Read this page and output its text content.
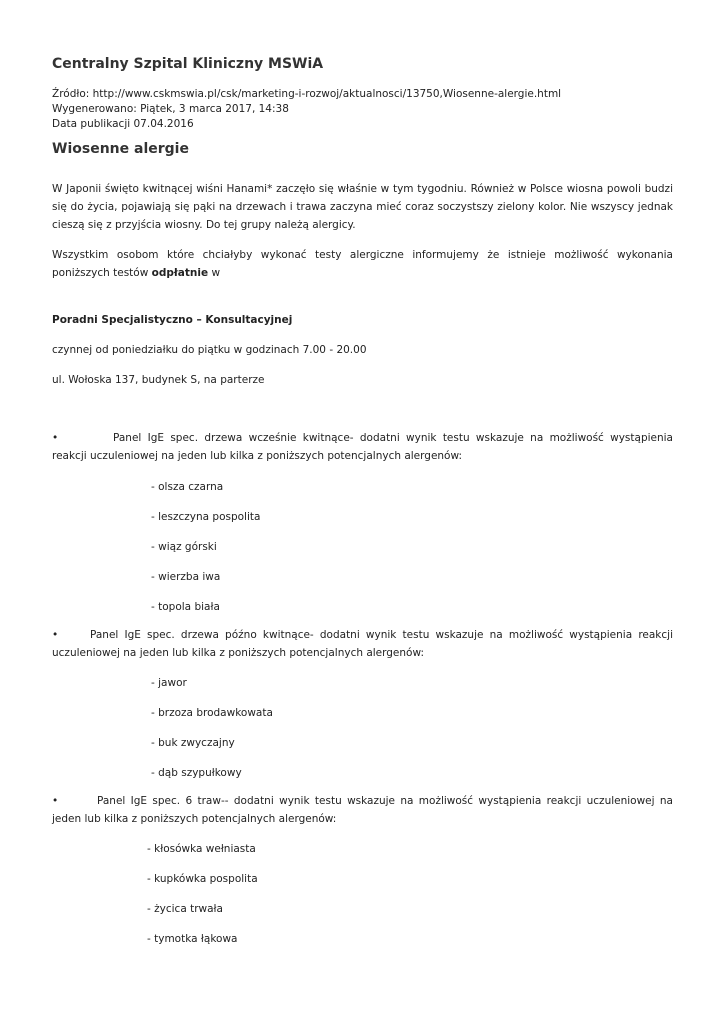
Centralny Szpital Kliniczny MSWiA
Źródło: http://www.cskmswia.pl/csk/marketing-i-rozwoj/aktualnosci/13750,Wiosenne-alergie.html
Wygenerowano: Piątek, 3 marca 2017, 14:38
Data publikacji 07.04.2016
Wiosenne alergie

W Japonii święto kwitnącej wiśni Hanami* zaczęło się właśnie w tym tygodniu. Również w Polsce wiosna powoli budzi się do życia, pojawiają się pąki na drzewach i trawa zaczyna mieć coraz soczystszy zielony kolor. Nie wszyscy jednak cieszą się z przyjścia wiosny. Do tej grupy należą alergicy.

Wszystkim osobom które chciałyby wykonać testy alergiczne informujemy że istnieje możliwość wykonania poniższych testów odpłatnie w

Poradni Specjalistyczno – Konsultacyjnej
czynnej od poniedziałku do piątku w godzinach 7.00 - 20.00
ul. Wołoska 137, budynek S, na parterze

•	Panel IgE spec. drzewa wcześnie kwitnące- dodatni wynik testu wskazuje na możliwość wystąpienia reakcji uczuleniowej na jeden lub kilka z poniższych potencjalnych alergenów:

- olsza czarna
- leszczyna pospolita
- wiąz górski
- wierzba iwa
- topola biała

•	Panel IgE spec. drzewa późno kwitnące- dodatni wynik testu wskazuje na możliwość wystąpienia reakcji uczuleniowej na jeden lub kilka z poniższych potencjalnych alergenów:

- jawor
- brzoza brodawkowata
- buk zwyczajny
- dąb szypułkowy

•	Panel IgE spec. 6 traw-- dodatni wynik testu wskazuje na możliwość wystąpienia reakcji uczuleniowej na jeden lub kilka z poniższych potencjalnych alergenów:

- kłosówka wełniasta
- kupkówka pospolita
- życica trwała
- tymotka łąkowa
